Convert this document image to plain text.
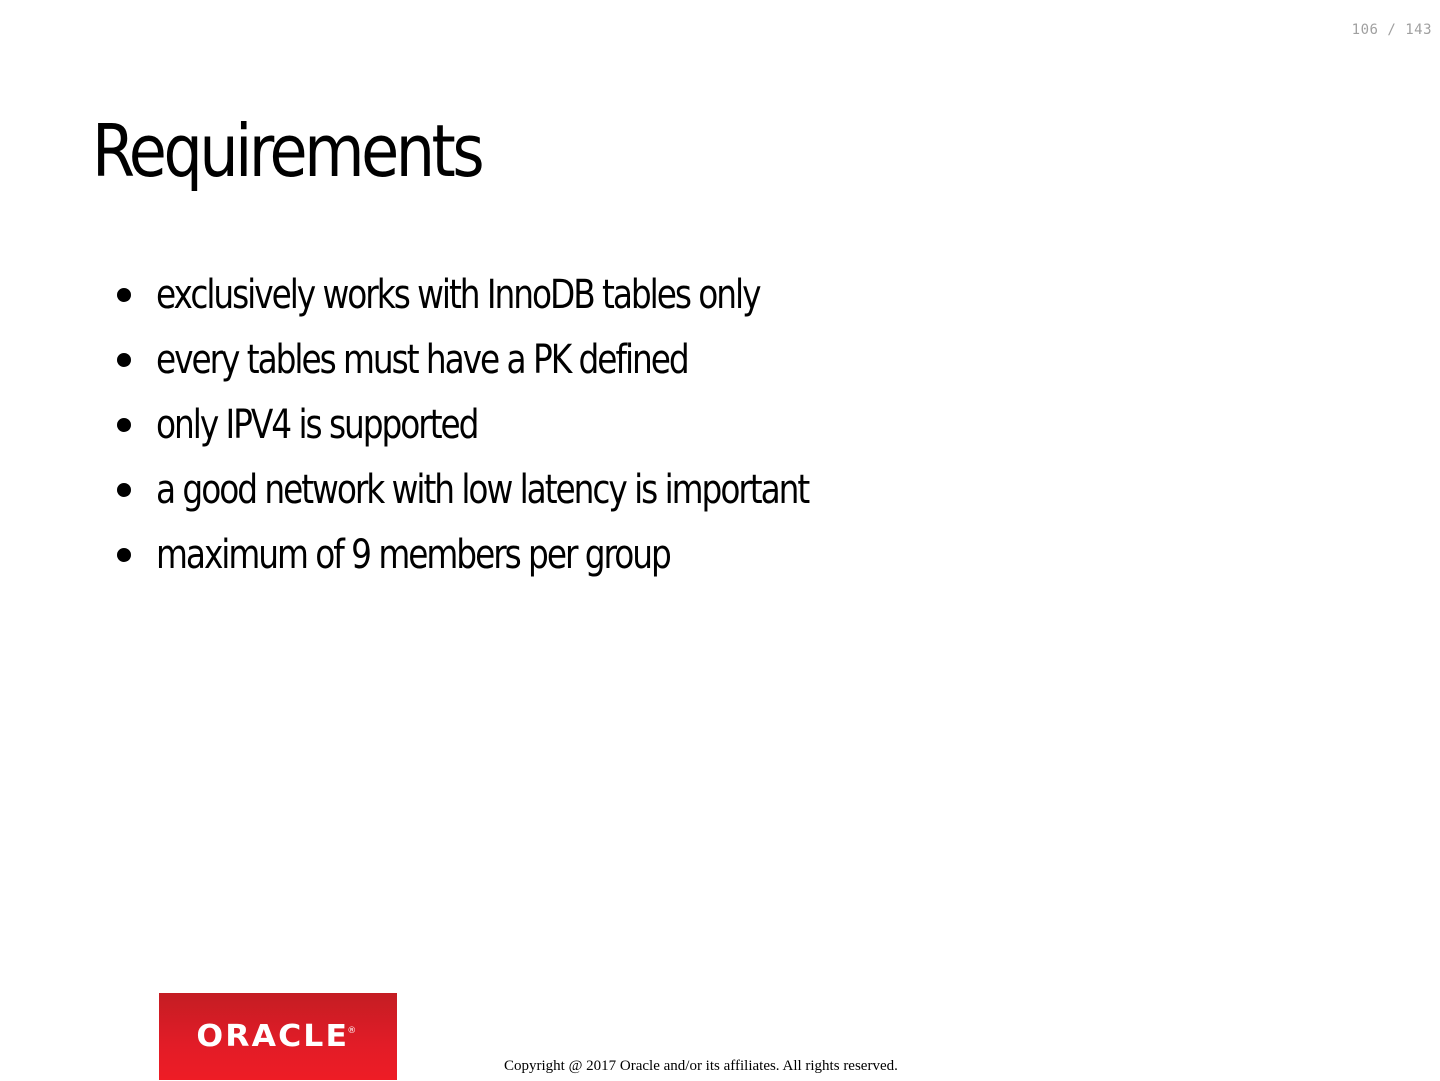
106 / 143
Requirements
exclusively works with InnoDB tables only
every tables must have a PK defined
only IPV4 is supported
a good network with low latency is important
maximum of 9 members per group
ORACLE
®
Copyright @ 2017 Oracle and/or its affiliates. All rights reserved.
